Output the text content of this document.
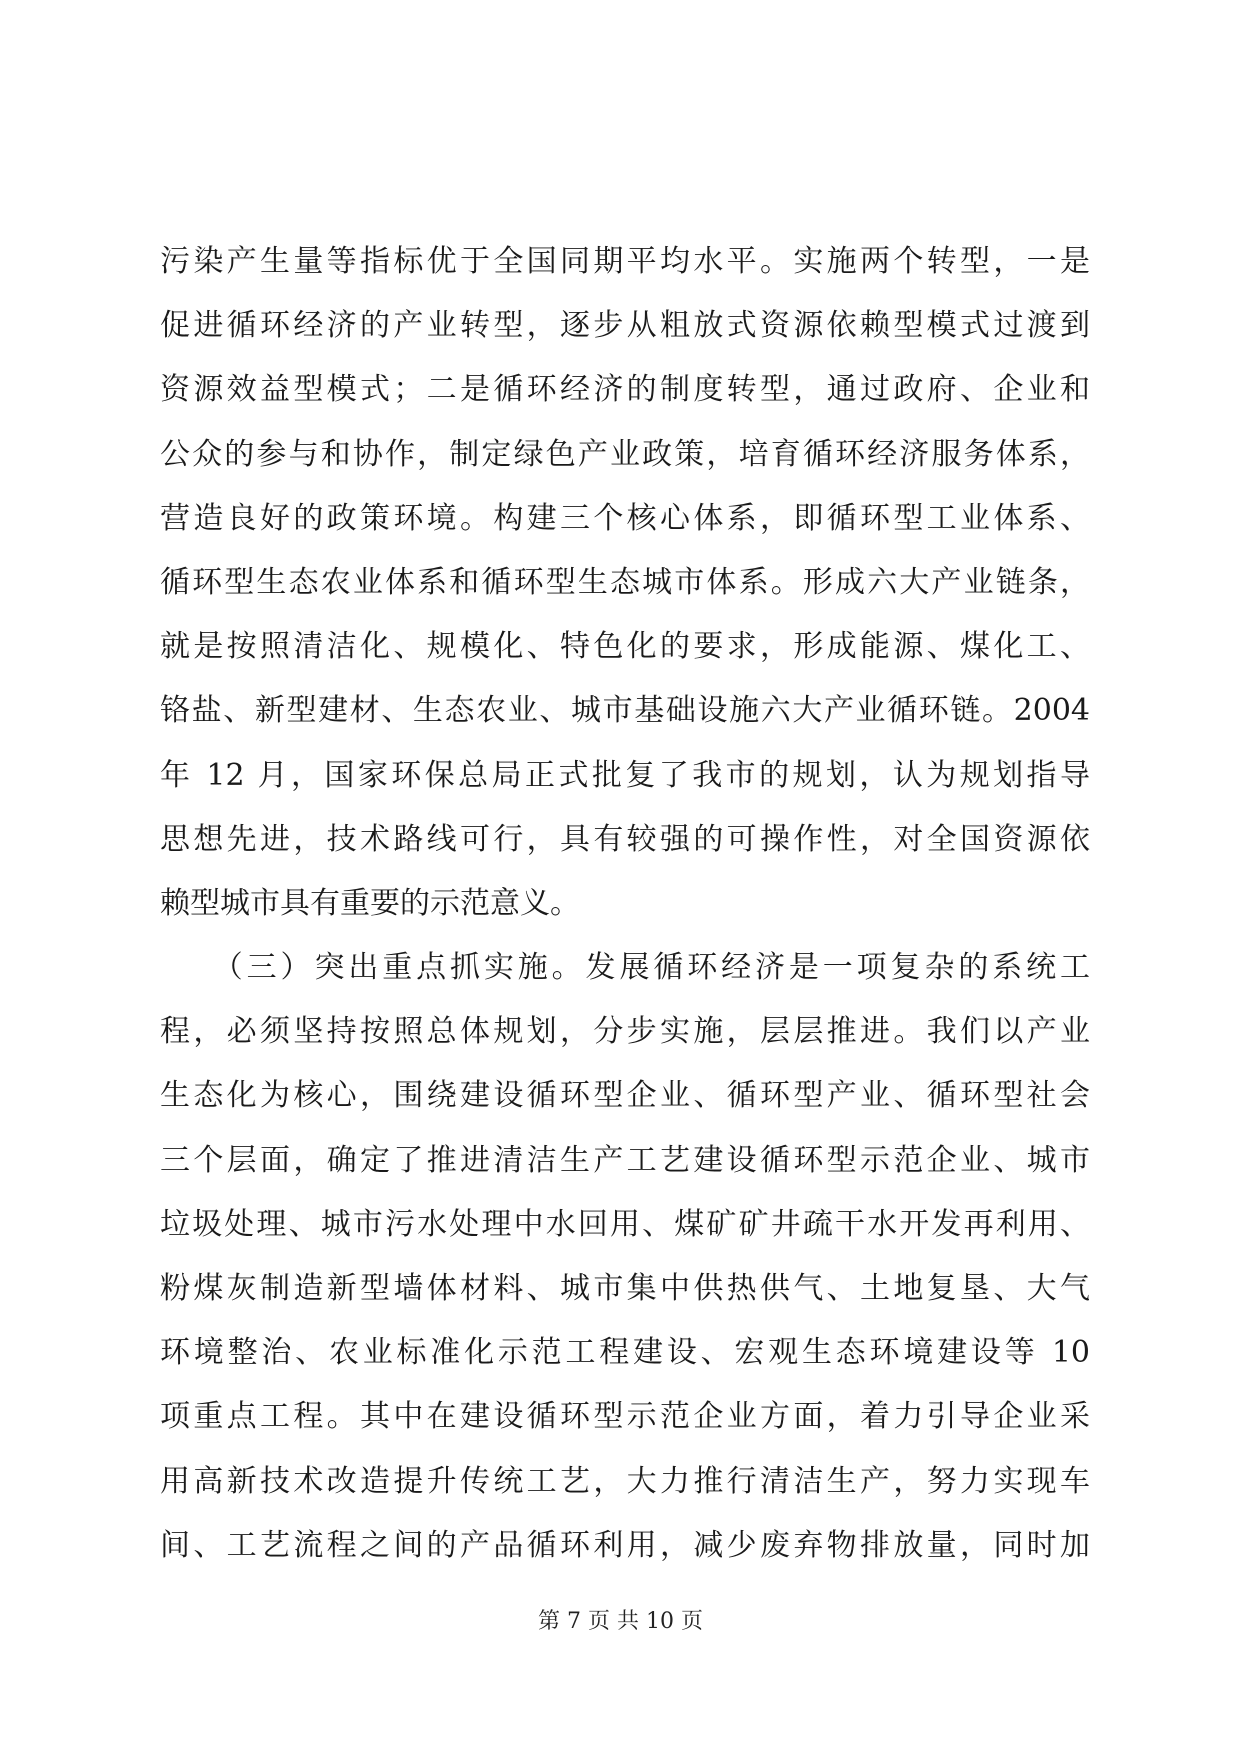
污染产生量等指标优于全国同期平均水平。实施两个转型，一是
促进循环经济的产业转型，逐步从粗放式资源依赖型模式过渡到
资源效益型模式；二是循环经济的制度转型，通过政府、企业和
公众的参与和协作，制定绿色产业政策，培育循环经济服务体系，
营造良好的政策环境。构建三个核心体系，即循环型工业体系、
循环型生态农业体系和循环型生态城市体系。形成六大产业链条，
就是按照清洁化、规模化、特色化的要求，形成能源、煤化工、
铬盐、新型建材、生态农业、城市基础设施六大产业循环链。2004
年 12 月，国家环保总局正式批复了我市的规划，认为规划指导
思想先进，技术路线可行，具有较强的可操作性，对全国资源依
赖型城市具有重要的示范意义。
　　（三）突出重点抓实施。发展循环经济是一项复杂的系统工
程，必须坚持按照总体规划，分步实施，层层推进。我们以产业
生态化为核心，围绕建设循环型企业、循环型产业、循环型社会
三个层面，确定了推进清洁生产工艺建设循环型示范企业、城市
垃圾处理、城市污水处理中水回用、煤矿矿井疏干水开发再利用、
粉煤灰制造新型墙体材料、城市集中供热供气、土地复垦、大气
环境整治、农业标准化示范工程建设、宏观生态环境建设等 10
项重点工程。其中在建设循环型示范企业方面，着力引导企业采
用高新技术改造提升传统工艺，大力推行清洁生产，努力实现车
间、工艺流程之间的产品循环利用，减少废弃物排放量，同时加
第 7 页 共 10 页
